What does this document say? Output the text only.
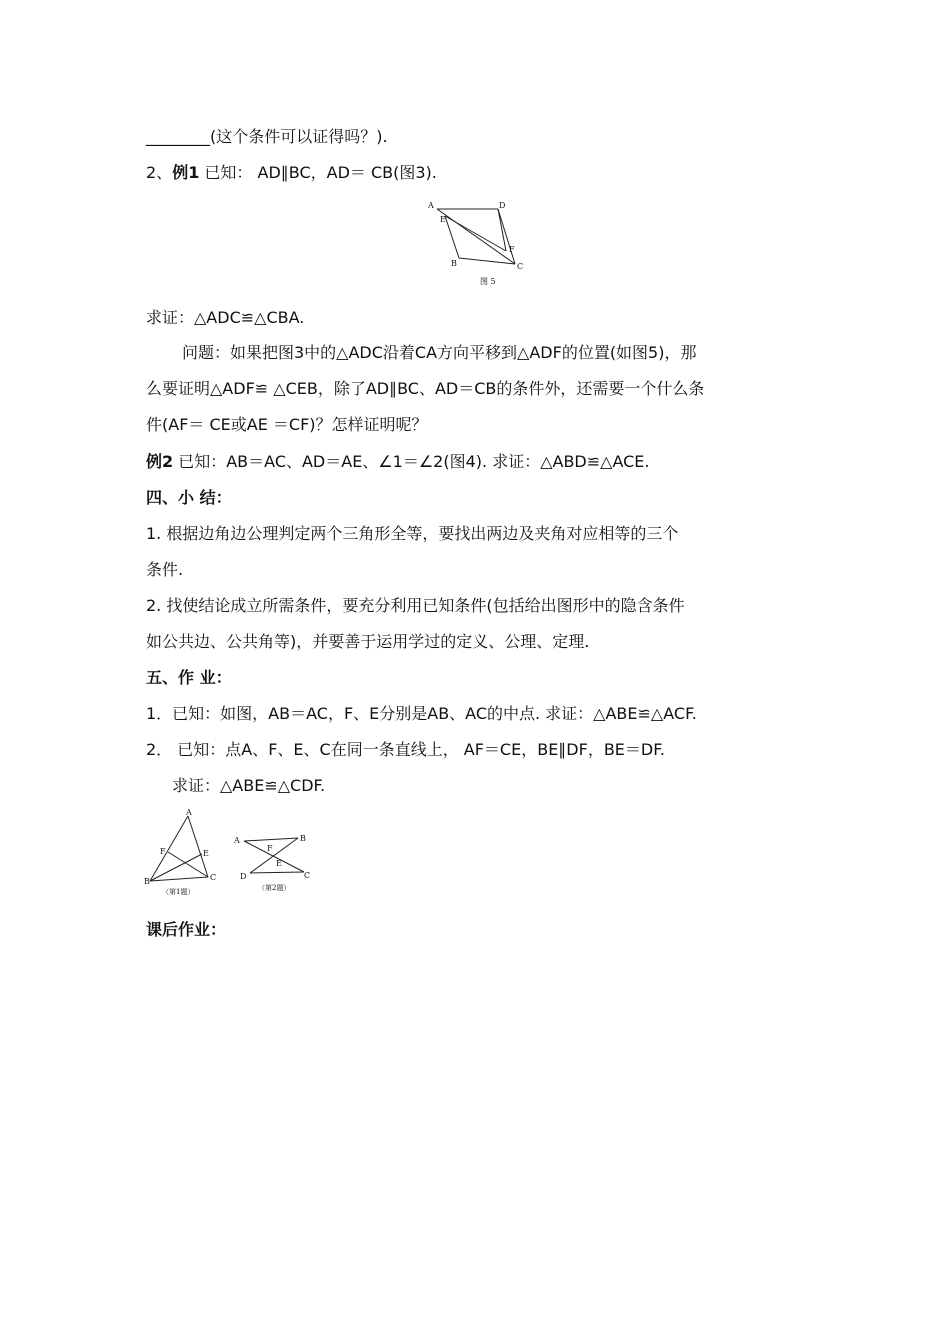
________(这个条件可以证得吗？).
2、例1 已知： AD∥BC，AD＝ CB(图3).
A	D
E
F
B	C
图 5
求证：△ADC≌△CBA.
问题：如果把图3中的△ADC沿着CA方向平移到△ADF的位置(如图5)，那
么要证明△ADF≌ △CEB，除了AD∥BC、AD＝CB的条件外，还需要一个什么条
件(AF＝ CE或AE ＝CF)？怎样证明呢？
例2 已知：AB＝AC、AD＝AE、∠1＝∠2(图4). 求证：△ABD≌△ACE.
四、小 结：
1. 根据边角边公理判定两个三角形全等，要找出两边及夹角对应相等的三个
条件.
2. 找使结论成立所需条件，要充分利用已知条件(包括给出图形中的隐含条件
如公共边、公共角等)，并要善于运用学过的定义、公理、定理.
五、作 业：
1．已知：如图，AB＝AC，F、E分别是AB、AC的中点. 求证：△ABE≌△ACF.
2． 已知：点A、F、E、C在同一条直线上， AF＝CE，BE∥DF，BE＝DF.
求证：△ABE≌△CDF.
A
F	E
B	C
（第1题）
A	B
F
E
D	C
（第2题）
课后作业：
